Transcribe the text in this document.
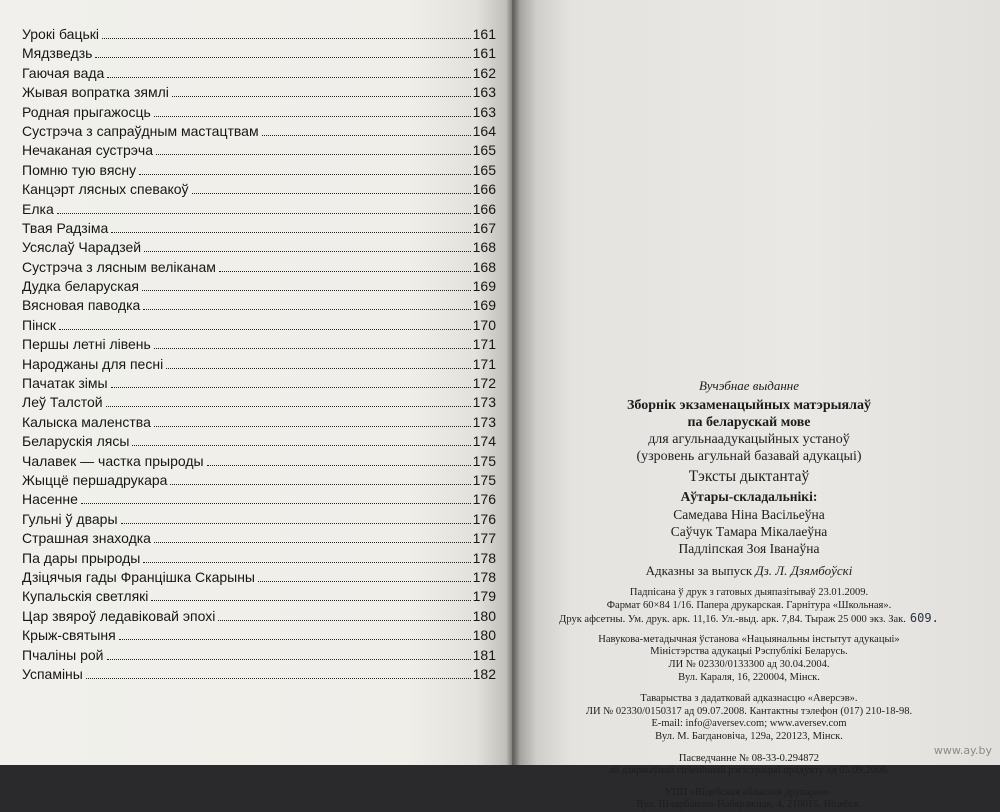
Урокі бацькі	161
Мядзведзь	161
Гаючая вада	162
Жывая вопратка зямлі	163
Родная прыгажосць	163
Сустрэча з сапраўдным мастацтвам	164
Нечаканая сустрэча	165
Помню тую вясну	165
Канцэрт лясных спевакоў	166
Елка	166
Твая Радзіма	167
Усяслаў Чарадзей	168
Сустрэча з лясным веліканам	168
Дудка беларуская	169
Вясновая паводка	169
Пінск	170
Першы летні лівень	171
Народжаны для песні	171
Пачатак зімы	172
Леў Талстой	173
Калыска маленства	173
Беларускія лясы	174
Чалавек — частка прыроды	175
Жыццё першадрукара	175
Насенне	176
Гульні ў двары	176
Страшная знаходка	177
Па дары прыроды	178
Дзіцячыя гады Францішка Скарыны	178
Купальскія светлякі	179
Цар звяроў ледавіковай эпохі	180
Крыж-святыня	180
Пчаліны рой	181
Успаміны	182
Вучэбнае выданне
Зборнік экзаменацыйных матэрыялаў
па беларускай мове
для агульнаадукацыйных устаноў
(узровень агульнай базавай адукацыі)
Тэксты дыктантаў
Аўтары-складальнікі:
Самедава Ніна Васільеўна
Саўчук Тамара Мікалаеўна
Падліпская Зоя Іванаўна
Адказны за выпуск Дз. Л. Дзямбоўскі
Падпісана ў друк з гатовых дыяпазітываў 23.01.2009.
Фармат 60×84 1/16. Папера друкарская. Гарнітура «Школьная».
Друк афсетны. Ум. друк. арк. 11,16. Ул.-выд. арк. 7,84. Тыраж 25 000 экз. Зак. 609.
Навукова-метадычная ўстанова «Нацыянальны інстытут адукацыі»
Міністэрства адукацыі Рэспублікі Беларусь.
ЛИ № 02330/0133300 ад 30.04.2004.
Вул. Караля, 16, 220004, Мінск.
Таварыства з дадатковай адказнасцю «Аверсэв».
ЛИ № 02330/0150317 ад 09.07.2008. Кантактны тэлефон (017) 210-18-98.
E-mail: info@aversev.com; www.aversev.com
Вул. М. Багдановіча, 129а, 220123, Мінск.
Пасведчанне № 08-33-0.294872
аб дзяржаўнай гігіенічнай рэгістрацыі прадукту ад 05.09.2006.
УПП «Віцебская абласная друкарня».
Вул. Шчарбакова-Набярэжная, 4, 210015, Віцебск.
www.ay.by
